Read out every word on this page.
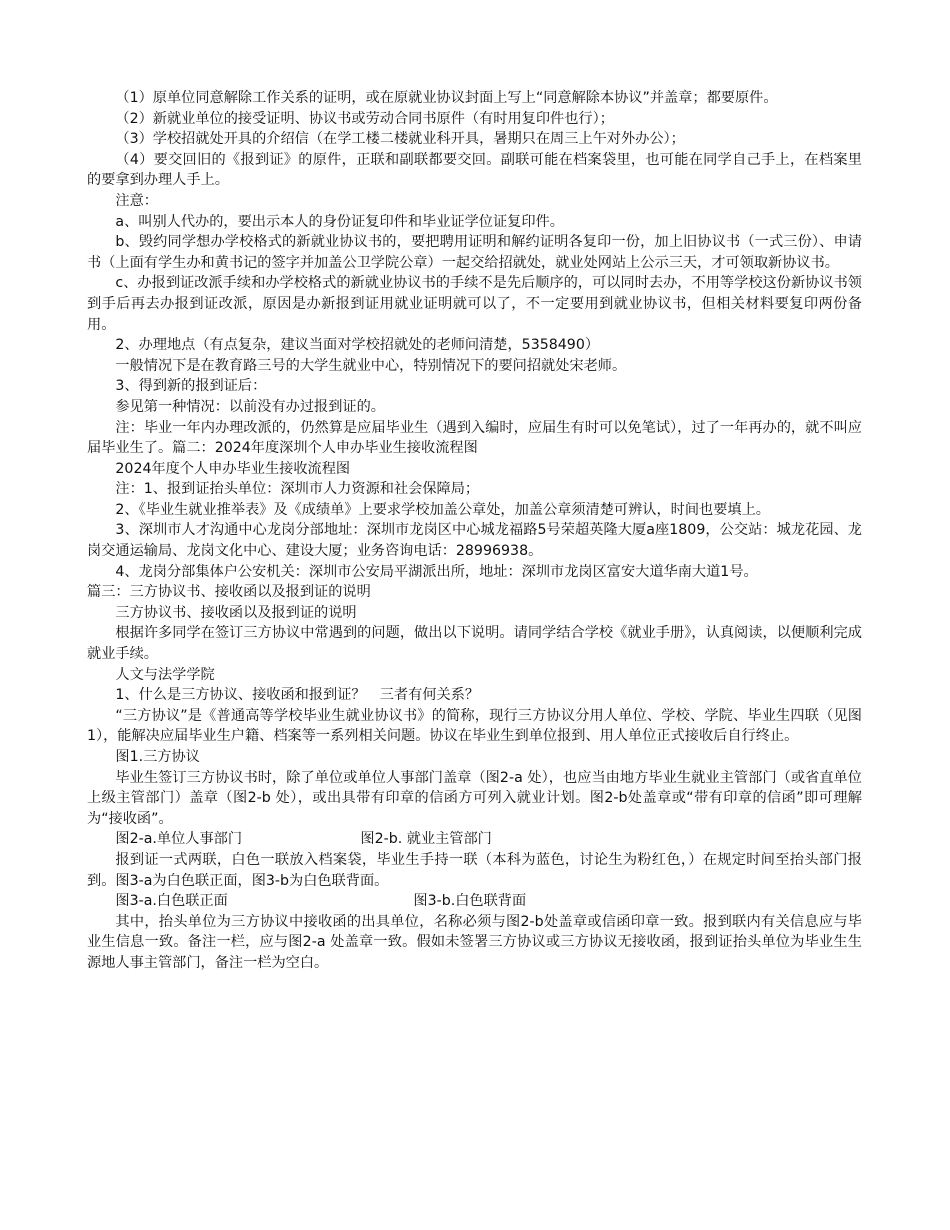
（1）原单位同意解除工作关系的证明，或在原就业协议封面上写上“同意解除本协议”并盖章；都要原件。

（2）新就业单位的接受证明、协议书或劳动合同书原件（有时用复印件也行）；

（3）学校招就处开具的介绍信（在学工楼二楼就业科开具，暑期只在周三上午对外办公）；

（4）要交回旧的《报到证》的原件，正联和副联都要交回。副联可能在档案袋里，也可能在同学自己手上，在档案里的要拿到办理人手上。

注意：

a、叫别人代办的，要出示本人的身份证复印件和毕业证学位证复印件。

b、毁约同学想办学校格式的新就业协议书的，要把聘用证明和解约证明各复印一份，加上旧协议书（一式三份）、申请书（上面有学生办和黄书记的签字并加盖公卫学院公章）一起交给招就处，就业处网站上公示三天，才可领取新协议书。

c、办报到证改派手续和办学校格式的新就业协议书的手续不是先后顺序的，可以同时去办，不用等学校这份新协议书领到手后再去办报到证改派，原因是办新报到证用就业证明就可以了，不一定要用到就业协议书，但相关材料要复印两份备用。

2、办理地点（有点复杂，建议当面对学校招就处的老师问清楚，5358490）

一般情况下是在教育路三号的大学生就业中心，特别情况下的要问招就处宋老师。

3、得到新的报到证后：

参见第一种情况：以前没有办过报到证的。

注：毕业一年内办理改派的，仍然算是应届毕业生（遇到入编时，应届生有时可以免笔试），过了一年再办的，就不叫应届毕业生了。篇二：2024年度深圳个人申办毕业生接收流程图

2024年度个人申办毕业生接收流程图

注：1、报到证抬头单位：深圳市人力资源和社会保障局；

2、《毕业生就业推举表》及《成绩单》上要求学校加盖公章处，加盖公章须清楚可辨认，时间也要填上。

3、深圳市人才沟通中心龙岗分部地址：深圳市龙岗区中心城龙福路5号荣超英隆大厦a座1809，公交站：城龙花园、龙岗交通运输局、龙岗文化中心、建设大厦；业务咨询电话：28996938。

4、龙岗分部集体户公安机关：深圳市公安局平湖派出所，地址：深圳市龙岗区富安大道华南大道1号。

篇三：三方协议书、接收函以及报到证的说明

三方协议书、接收函以及报到证的说明

根据许多同学在签订三方协议中常遇到的问题，做出以下说明。请同学结合学校《就业手册》，认真阅读，以便顺利完成就业手续。

人文与法学学院

1、什么是三方协议、接收函和报到证？　三者有何关系？

“三方协议”是《普通高等学校毕业生就业协议书》的简称，现行三方协议分用人单位、学校、学院、毕业生四联（见图1），能解决应届毕业生户籍、档案等一系列相关问题。协议在毕业生到单位报到、用人单位正式接收后自行终止。

图1.三方协议

毕业生签订三方协议书时，除了单位或单位人事部门盖章（图2-a 处），也应当由地方毕业生就业主管部门（或省直单位上级主管部门）盖章（图2-b 处），或出具带有印章的信函方可列入就业计划。图2-b处盖章或“带有印章的信函”即可理解为“接收函”。

图2-a.单位人事部门	图2-b. 就业主管部门

报到证一式两联，白色一联放入档案袋，毕业生手持一联（本科为蓝色，讨论生为粉红色，）在规定时间至抬头部门报到。图3-a为白色联正面，图3-b为白色联背面。

图3-a.白色联正面	图3-b.白色联背面

其中，抬头单位为三方协议中接收函的出具单位，名称必须与图2-b处盖章或信函印章一致。报到联内有关信息应与毕业生信息一致。备注一栏，应与图2-a 处盖章一致。假如未签署三方协议或三方协议无接收函，报到证抬头单位为毕业生生源地人事主管部门，备注一栏为空白。
